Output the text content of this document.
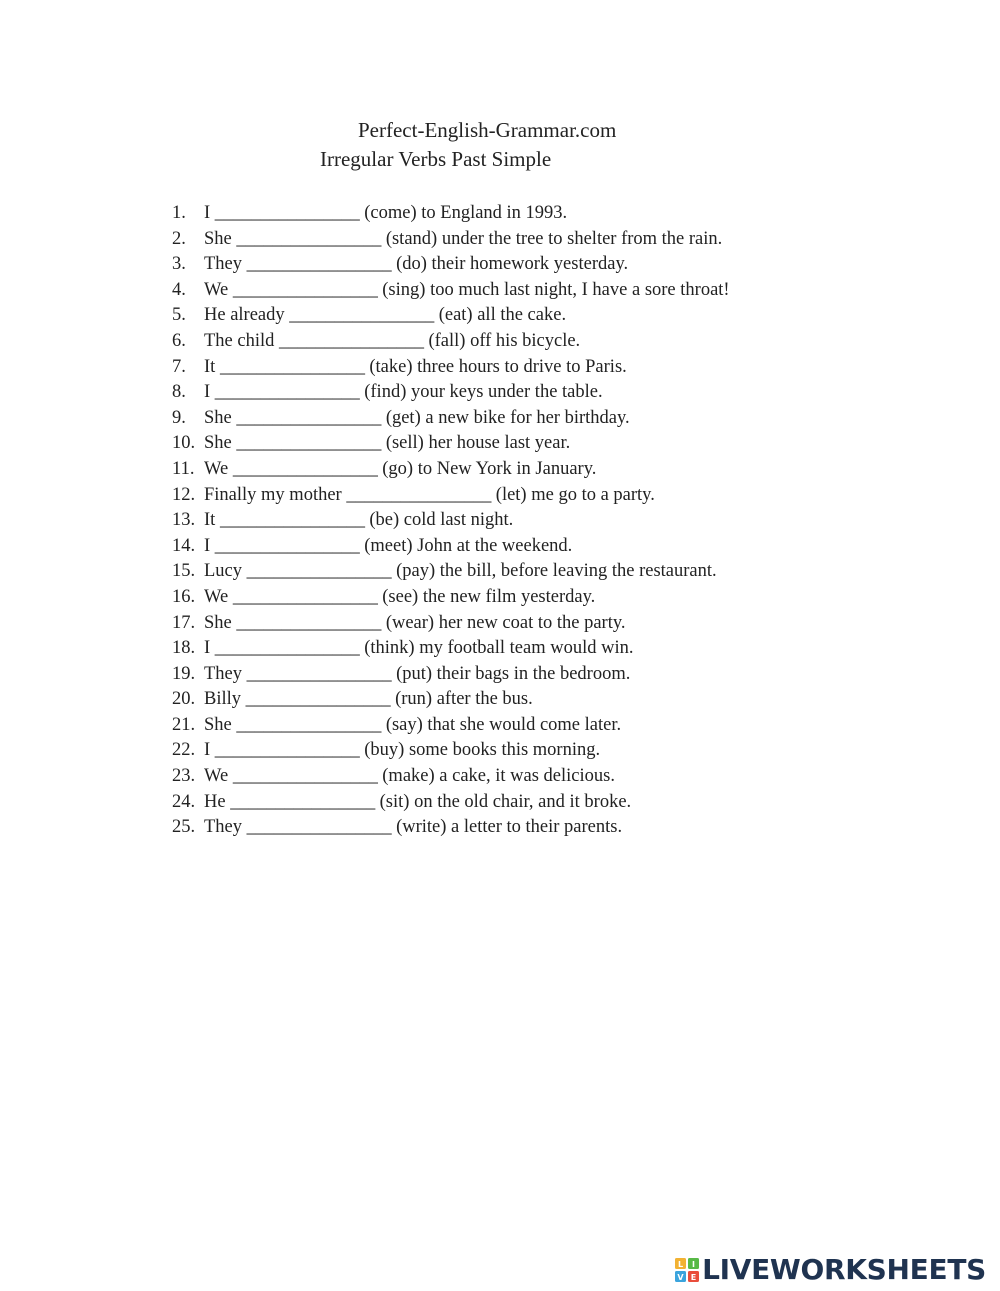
Perfect-English-Grammar.com
Irregular Verbs Past Simple
1. I ________________ (come) to England in 1993.
2. She ________________ (stand) under the tree to shelter from the rain.
3. They ________________ (do) their homework yesterday.
4. We ________________ (sing) too much last night, I have a sore throat!
5. He already ________________ (eat) all the cake.
6. The child ________________ (fall) off his bicycle.
7. It ________________ (take) three hours to drive to Paris.
8. I ________________ (find) your keys under the table.
9. She ________________ (get) a new bike for her birthday.
10. She ________________ (sell) her house last year.
11. We ________________ (go) to New York in January.
12. Finally my mother ________________ (let) me go to a party.
13. It ________________ (be) cold last night.
14. I ________________ (meet) John at the weekend.
15. Lucy ________________ (pay) the bill, before leaving the restaurant.
16. We ________________ (see) the new film yesterday.
17. She ________________ (wear) her new coat to the party.
18. I ________________ (think) my football team would win.
19. They ________________ (put) their bags in the bedroom.
20. Billy ________________ (run) after the bus.
21. She ________________ (say) that she would come later.
22. I ________________ (buy) some books this morning.
23. We ________________ (make) a cake, it was delicious.
24. He ________________ (sit) on the old chair, and it broke.
25. They ________________ (write) a letter to their parents.
L I
V E LIVEWORKSHEETS
